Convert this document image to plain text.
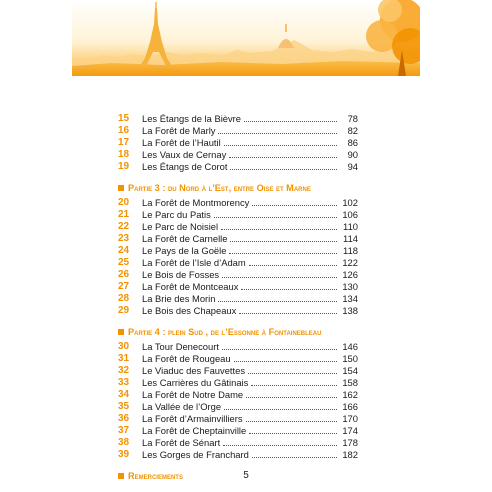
15	Les Étangs de la Bièvre	78
16	La Forêt de Marly	82
17	La Forêt de l’Hautil	86
18	Les Vaux de Cernay	90
19	Les Étangs de Corot	94
Partie 3 : du Nord à l’Est, entre Oise et Marne
20	La Forêt de Montmorency	102
21	Le Parc du Patis	106
22	Le Parc de Noisiel	110
23	La Forêt de Carnelle	114
24	Le Pays de la Goële	118
25	La Forêt de l’Isle d’Adam	122
26	Le Bois de Fosses	126
27	La Forêt de Montceaux	130
28	La Brie des Morin	134
29	Le Bois des Chapeaux	138
Partie 4 : plein Sud , de l’Essonne à Fontainebleau
30	La Tour Denecourt	146
31	La Forêt de Rougeau	150
32	Le Viaduc des Fauvettes	154
33	Les Carrières du Gâtinais	158
34	La Forêt de Notre Dame	162
35	La Vallée de l’Orge	166
36	La Forêt d’Armainvilliers	170
37	La Forêt de Cheptainville	174
38	La Forêt de Sénart	178
39	Les Gorges de Franchard	182
Remerciements	5
